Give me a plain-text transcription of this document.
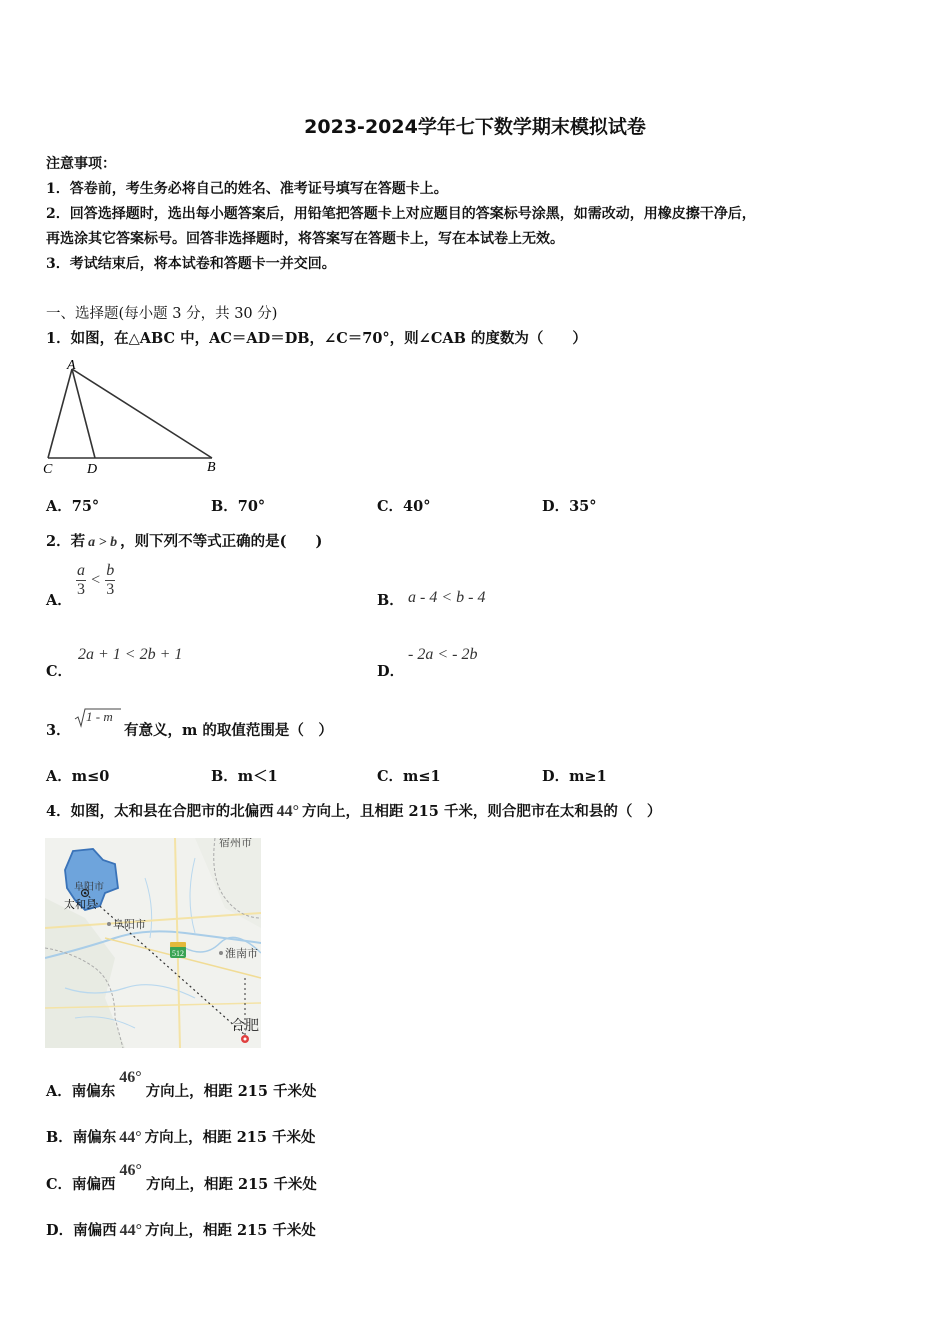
2023-2024学年七下数学期末模拟试卷
注意事项：
1．答卷前，考生务必将自己的姓名、准考证号填写在答题卡上。
2．回答选择题时，选出每小题答案后，用铅笔把答题卡上对应题目的答案标号涂黑，如需改动，用橡皮擦干净后，
再选涂其它答案标号。回答非选择题时，将答案写在答题卡上，写在本试卷上无效。
3．考试结束后，将本试卷和答题卡一并交回。
一、选择题(每小题 3 分，共 30 分)
1．如图，在△ABC 中，AC＝AD＝DB，∠C＝70°，则∠CAB 的度数为（　　）
A
C D	B
A．75°	B．70°	C．40°	D．35°
2．若 a > b ，则下列不等式正确的是(　　)
A．
$\frac{a}{3} < \frac{b}{3}$
B． a - 4 < b - 4
C．
2a + 1 < 2b + 1
D．
- 2a < - 2b
3．
1 - m
有意义，m 的取值范围是（　）
A．m≤0	B．m＜1	C．m≤1	D．m≥1
4．如图，太和县在合肥市的北偏西 44° 方向上，且相距 215 千米，则合肥市在太和县的（　）
512
宿州市
阜阳市
太和县
阜阳市
淮南市
合肥
A．南偏东46°方向上，相距 215 千米处
B．南偏东 44° 方向上，相距 215 千米处
C．南偏西46°方向上，相距 215 千米处
D．南偏西 44° 方向上，相距 215 千米处
